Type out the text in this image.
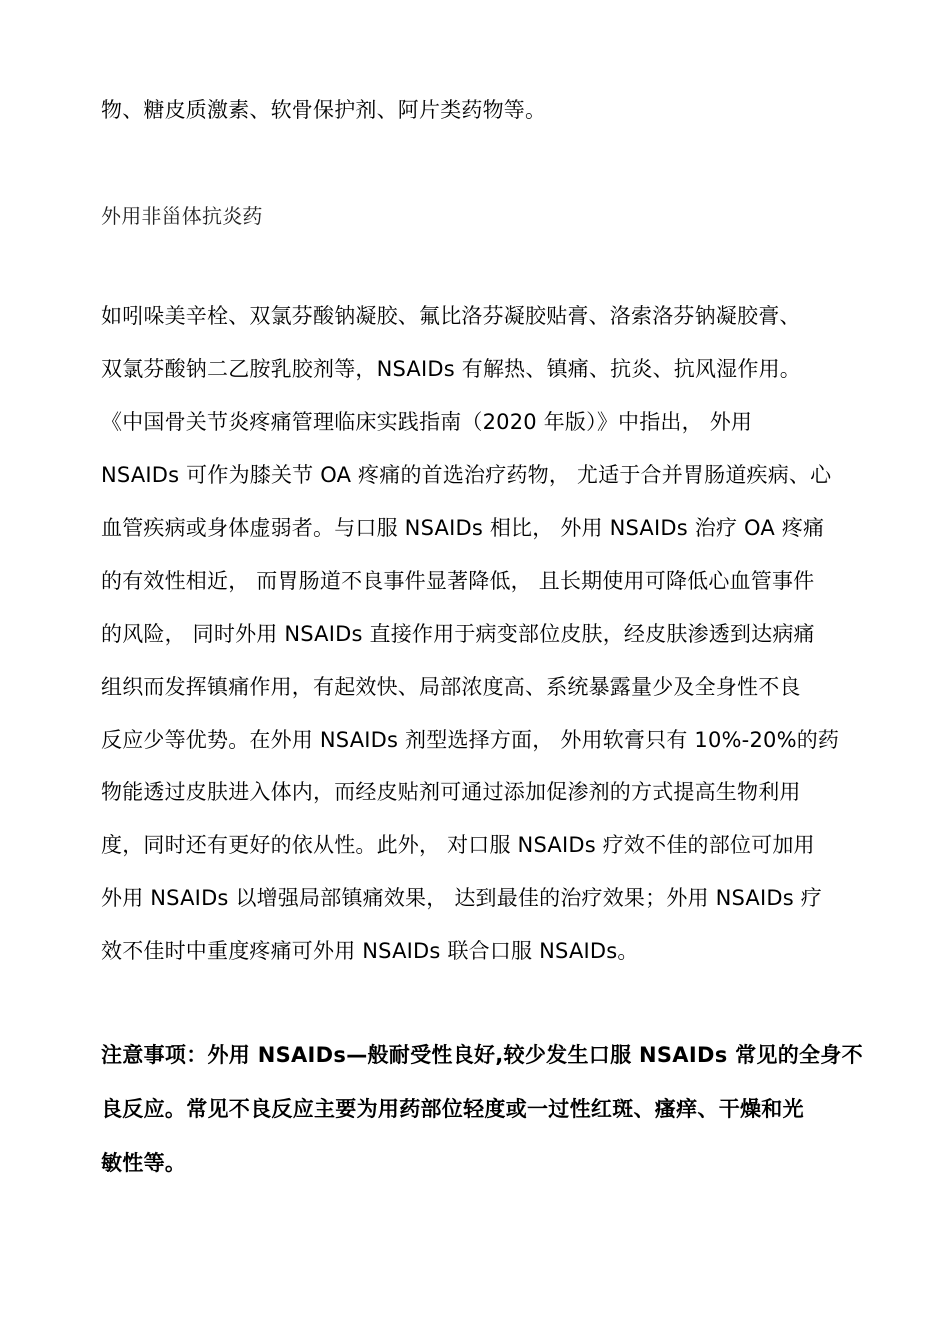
物、糖皮质激素、软骨保护剂、阿片类药物等。
外用非甾体抗炎药
如吲哚美辛栓、双氯芬酸钠凝胶、氟比洛芬凝胶贴膏、洛索洛芬钠凝胶膏、
双氯芬酸钠二乙胺乳胶剂等，NSAIDs 有解热、镇痛、抗炎、抗风湿作用。
《中国骨关节炎疼痛管理临床实践指南（2020 年版）》中指出， 外用
NSAIDs 可作为膝关节 OA 疼痛的首选治疗药物， 尤适于合并胃肠道疾病、心
血管疾病或身体虚弱者。与口服 NSAIDs 相比， 外用 NSAIDs 治疗 OA 疼痛
的有效性相近， 而胃肠道不良事件显著降低， 且长期使用可降低心血管事件
的风险， 同时外用 NSAIDs 直接作用于病变部位皮肤，经皮肤渗透到达病痛
组织而发挥镇痛作用，有起效快、局部浓度高、系统暴露量少及全身性不良
反应少等优势。在外用 NSAIDs 剂型选择方面， 外用软膏只有 10%-20%的药
物能透过皮肤进入体内，而经皮贴剂可通过添加促渗剂的方式提高生物利用
度，同时还有更好的依从性。此外， 对口服 NSAIDs 疗效不佳的部位可加用
外用 NSAIDs 以增强局部镇痛效果， 达到最佳的治疗效果；外用 NSAIDs 疗
效不佳时中重度疼痛可外用 NSAIDs 联合口服 NSAIDs。
注意事项：外用 NSAIDs—般耐受性良好,较少发生口服 NSAIDs 常见的全身不
良反应。常见不良反应主要为用药部位轻度或一过性红斑、瘙痒、干燥和光
敏性等。
